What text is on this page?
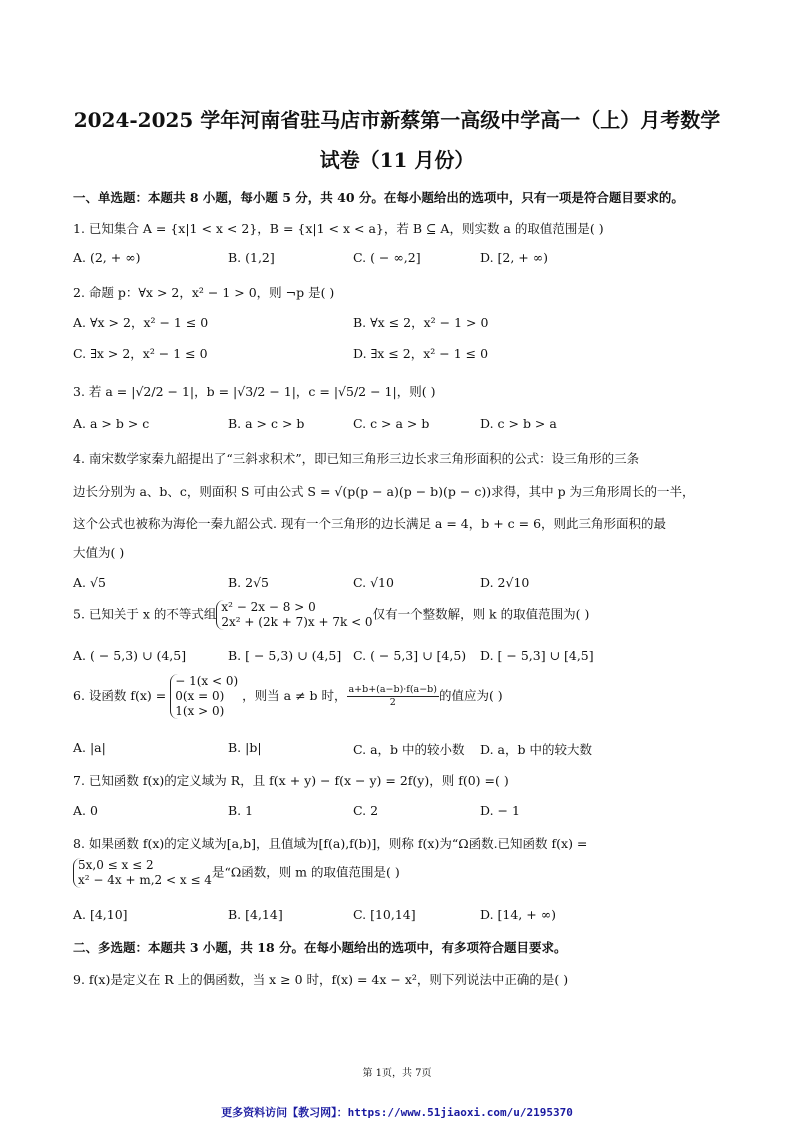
2024-2025 学年河南省驻马店市新蔡第一高级中学高一（上）月考数学
试卷（11 月份）
一、单选题：本题共 8 小题，每小题 5 分，共 40 分。在每小题给出的选项中，只有一项是符合题目要求的。
1. 已知集合 A = {x|1 < x < 2}，B = {x|1 < x < a}，若 B ⊆ A，则实数 a 的取值范围是( )
A. (2, + ∞)	B. (1,2]	C. ( − ∞,2]	D. [2, + ∞)
2. 命题 p：∀x > 2，x² − 1 > 0，则 ¬p 是( )
A. ∀x > 2，x² − 1 ≤ 0	B. ∀x ≤ 2，x² − 1 > 0
C. ∃x > 2，x² − 1 ≤ 0	D. ∃x ≤ 2，x² − 1 ≤ 0
3. 若 a = |√2/2 − 1|，b = |√3/2 − 1|，c = |√5/2 − 1|，则( )
A. a > b > c	B. a > c > b	C. c > a > b	D. c > b > a
4. 南宋数学家秦九韶提出了“三斜求积术”，即已知三角形三边长求三角形面积的公式：设三角形的三条
边长分别为 a、b、c，则面积 S 可由公式 S = √(p(p − a)(p − b)(p − c))求得，其中 p 为三角形周长的一半，
这个公式也被称为海伦一秦九韶公式. 现有一个三角形的边长满足 a = 4，b + c = 6，则此三角形面积的最
大值为( )
A. √5	B. 2√5	C. √10	D. 2√10
5. 已知关于 x 的不等式组 x² − 2x − 8 > 0
2x² + (2k + 7)x + 7k < 0
仅有一个整数解，则 k 的取值范围为( )
A. ( − 5,3) ∪ (4,5]	B. [ − 5,3) ∪ (4,5] C. ( − 5,3] ∪ [4,5) D. [ − 5,3] ∪ [4,5]
6. 设函数 f(x) =
− 1(x < 0)
0(x = 0)
1(x > 0)
，则当 a ≠ b 时， $\frac{a+b+(a-b)\cdot f(a-b)}{2}$ 的值应为( )
A. |a|	B. |b|	C. a，b 中的较小数 D. a，b 中的较大数
7. 已知函数 f(x)的定义域为 R，且 f(x + y) − f(x − y) = 2f(y)，则 f(0) =( )
A. 0	B. 1	C. 2	D. − 1
8. 如果函数 f(x)的定义域为[a,b]，且值域为[f(a),f(b)]，则称 f(x)为“Ω函数.已知函数 f(x) =
5x,0 ≤ x ≤ 2
x² − 4x + m,2 < x ≤ 4
是“Ω函数，则 m 的取值范围是( )
A. [4,10]	B. [4,14]	C. [10,14]	D. [14, + ∞)
二、多选题：本题共 3 小题，共 18 分。在每小题给出的选项中，有多项符合题目要求。
9. f(x)是定义在 R 上的偶函数，当 x ≥ 0 时，f(x) = 4x − x²，则下列说法中正确的是( )
第 1页，共 7页
更多资料访问【教习网】：https://www.51jiaoxi.com/u/2195370
